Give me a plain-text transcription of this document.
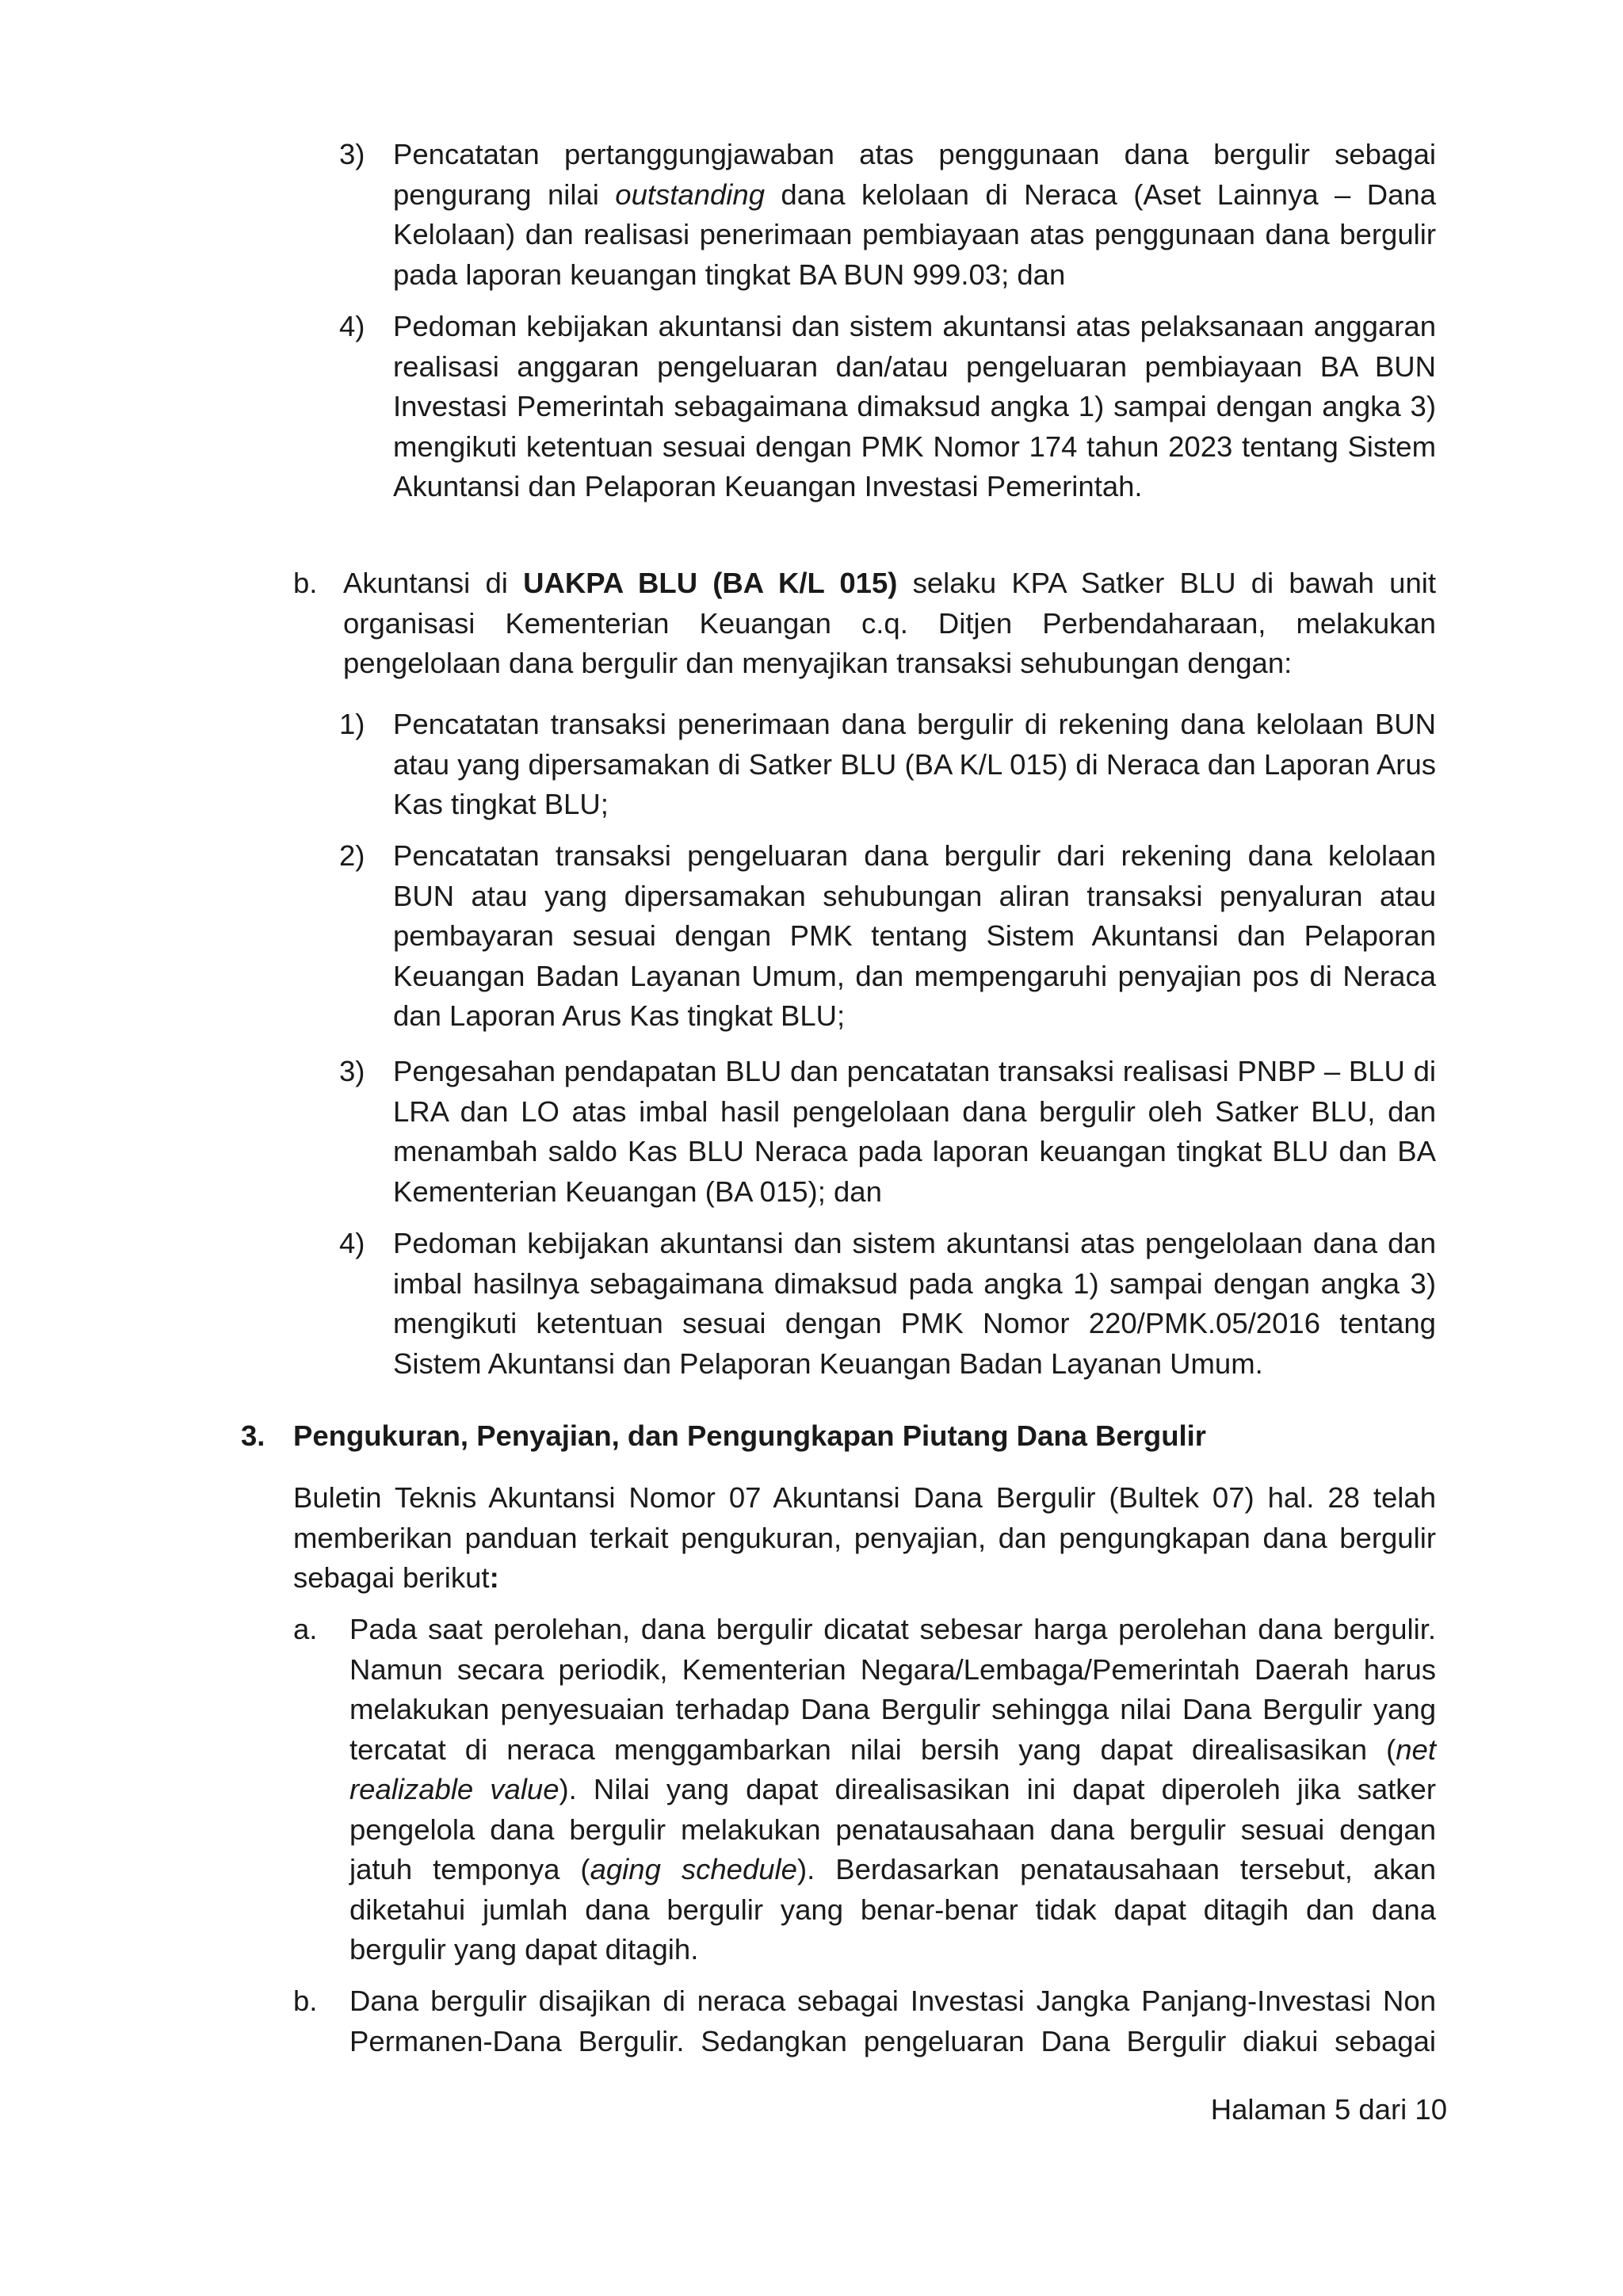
3) Pencatatan pertanggungjawaban atas penggunaan dana bergulir sebagai pengurang nilai outstanding dana kelolaan di Neraca (Aset Lainnya – Dana Kelolaan) dan realisasi penerimaan pembiayaan atas penggunaan dana bergulir pada laporan keuangan tingkat BA BUN 999.03; dan
4) Pedoman kebijakan akuntansi dan sistem akuntansi atas pelaksanaan anggaran realisasi anggaran pengeluaran dan/atau pengeluaran pembiayaan BA BUN Investasi Pemerintah sebagaimana dimaksud angka 1) sampai dengan angka 3) mengikuti ketentuan sesuai dengan PMK Nomor 174 tahun 2023 tentang Sistem Akuntansi dan Pelaporan Keuangan Investasi Pemerintah.
b. Akuntansi di UAKPA BLU (BA K/L 015) selaku KPA Satker BLU di bawah unit organisasi Kementerian Keuangan c.q. Ditjen Perbendaharaan, melakukan pengelolaan dana bergulir dan menyajikan transaksi sehubungan dengan:
1) Pencatatan transaksi penerimaan dana bergulir di rekening dana kelolaan BUN atau yang dipersamakan di Satker BLU (BA K/L 015) di Neraca dan Laporan Arus Kas tingkat BLU;
2) Pencatatan transaksi pengeluaran dana bergulir dari rekening dana kelolaan BUN atau yang dipersamakan sehubungan aliran transaksi penyaluran atau pembayaran sesuai dengan PMK tentang Sistem Akuntansi dan Pelaporan Keuangan Badan Layanan Umum, dan mempengaruhi penyajian pos di Neraca dan Laporan Arus Kas tingkat BLU;
3) Pengesahan pendapatan BLU dan pencatatan transaksi realisasi PNBP – BLU di LRA dan LO atas imbal hasil pengelolaan dana bergulir oleh Satker BLU, dan menambah saldo Kas BLU Neraca pada laporan keuangan tingkat BLU dan BA Kementerian Keuangan (BA 015); dan
4) Pedoman kebijakan akuntansi dan sistem akuntansi atas pengelolaan dana dan imbal hasilnya sebagaimana dimaksud pada angka 1) sampai dengan angka 3) mengikuti ketentuan sesuai dengan PMK Nomor 220/PMK.05/2016 tentang Sistem Akuntansi dan Pelaporan Keuangan Badan Layanan Umum.
3. Pengukuran, Penyajian, dan Pengungkapan Piutang Dana Bergulir
Buletin Teknis Akuntansi Nomor 07 Akuntansi Dana Bergulir (Bultek 07) hal. 28 telah memberikan panduan terkait pengukuran, penyajian, dan pengungkapan dana bergulir sebagai berikut:
a. Pada saat perolehan, dana bergulir dicatat sebesar harga perolehan dana bergulir. Namun secara periodik, Kementerian Negara/Lembaga/Pemerintah Daerah harus melakukan penyesuaian terhadap Dana Bergulir sehingga nilai Dana Bergulir yang tercatat di neraca menggambarkan nilai bersih yang dapat direalisasikan (net realizable value). Nilai yang dapat direalisasikan ini dapat diperoleh jika satker pengelola dana bergulir melakukan penatausahaan dana bergulir sesuai dengan jatuh temponya (aging schedule). Berdasarkan penatausahaan tersebut, akan diketahui jumlah dana bergulir yang benar-benar tidak dapat ditagih dan dana bergulir yang dapat ditagih.
b. Dana bergulir disajikan di neraca sebagai Investasi Jangka Panjang-Investasi Non Permanen-Dana Bergulir. Sedangkan pengeluaran Dana Bergulir diakui sebagai
Halaman 5 dari 10
